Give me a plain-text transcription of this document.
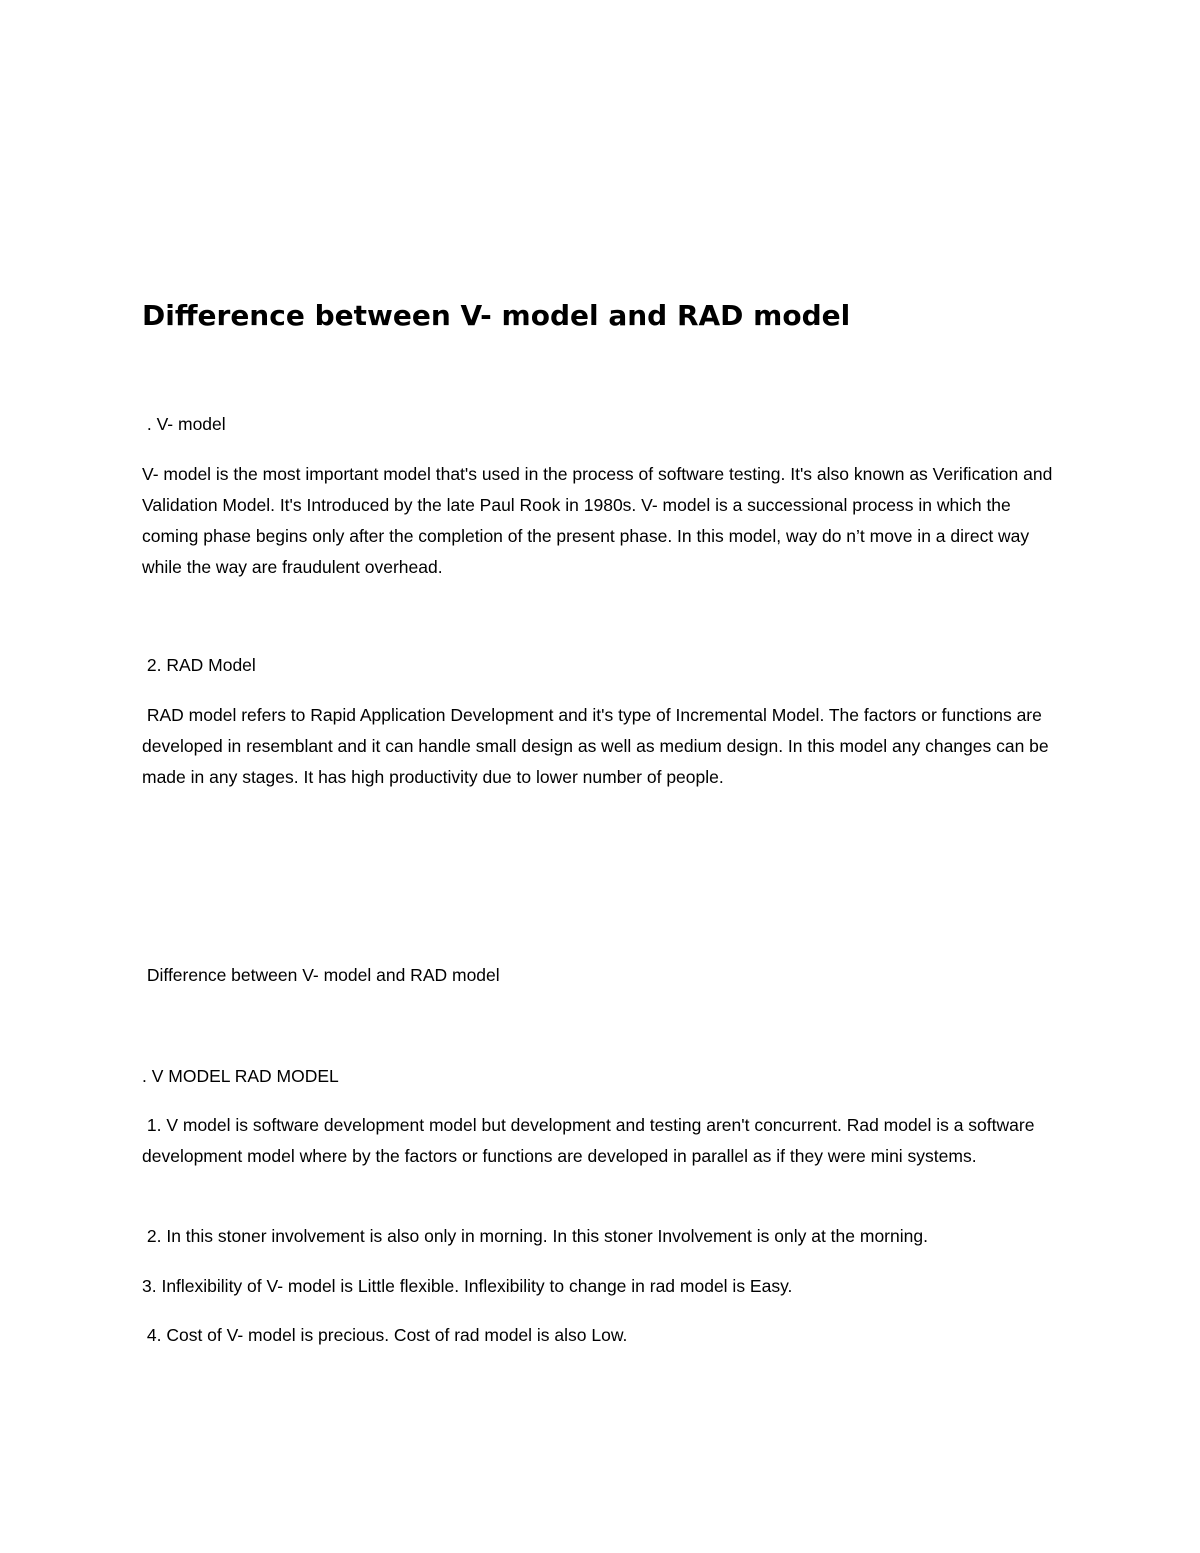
Difference between V- model and RAD model

. V- model

V- model is the most important model that's used in the process of software testing. It's also known as Verification and Validation Model. It's Introduced by the late Paul Rook in 1980s. V- model is a successional process in which the coming phase begins only after the completion of the present phase. In this model, way do n’t move in a direct way while the way are fraudulent overhead.

2. RAD Model

RAD model refers to Rapid Application Development and it's type of Incremental Model. The factors or functions are developed in resemblant and it can handle small design as well as medium design. In this model any changes can be made in any stages. It has high productivity due to lower number of people.

Difference between V- model and RAD model

. V MODEL RAD MODEL

1. V model is software development model but development and testing aren't concurrent. Rad model is a software development model where by the factors or functions are developed in parallel as if they were mini systems.

2. In this stoner involvement is also only in morning. In this stoner Involvement is only at the morning.

3. Inflexibility of V- model is Little flexible. Inflexibility to change in rad model is Easy.

4. Cost of V- model is precious. Cost of rad model is also Low.
